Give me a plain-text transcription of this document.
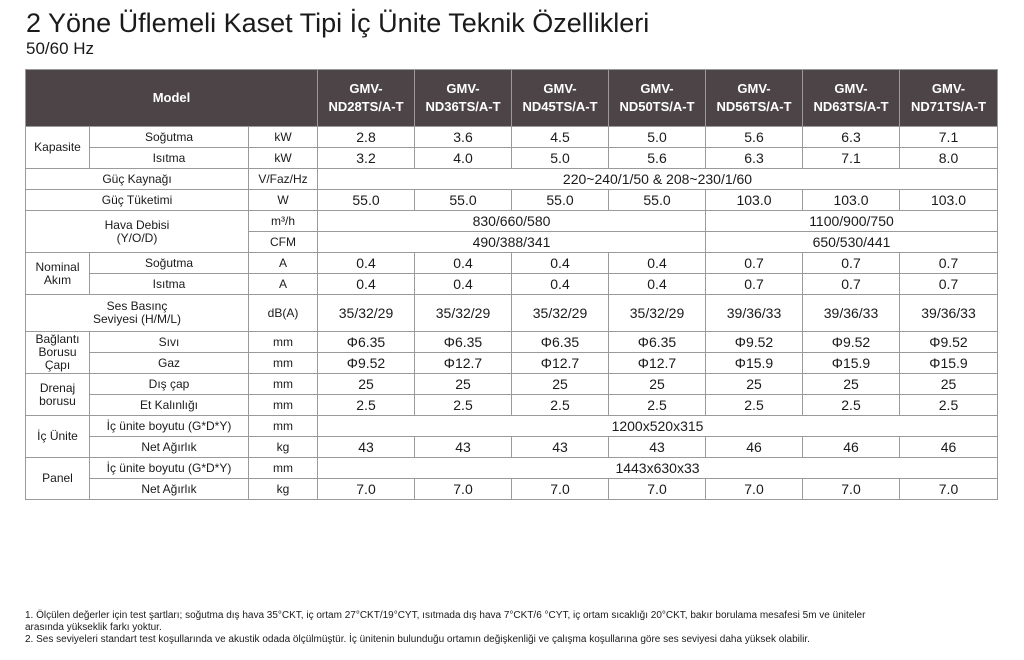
2 Yöne Üflemeli Kaset Tipi İç Ünite Teknik Özellikleri
50/60 Hz
Model			GMV-ND28TS/A-T	GMV-ND36TS/A-T	GMV-ND45TS/A-T	GMV-ND50TS/A-T	GMV-ND56TS/A-T	GMV-ND63TS/A-T	GMV-ND71TS/A-T
Kapasite	Soğutma	kW	2.8	3.6	4.5	5.0	5.6	6.3	7.1
	Isıtma	kW	3.2	4.0	5.0	5.6	6.3	7.1	8.0
Güç Kaynağı		V/Faz/Hz	220~240/1/50 & 208~230/1/60						
Güç Tüketimi		W	55.0	55.0	55.0	55.0	103.0	103.0	103.0

Hava Debisi
(Y/O/D)		m³/h	830/660/580				1100/900/750		
		CFM	490/388/341				650/530/441		

Nominal
Akım	Soğutma	A	0.4	0.4	0.4	0.4	0.7	0.7	0.7
	Isıtma	A	0.4	0.4	0.4	0.4	0.7	0.7	0.7

Ses Basınç
Seviyesi (H/M/L)		dB(A)	35/32/29	35/32/29	35/32/29	35/32/29	39/36/33	39/36/33	39/36/33

Bağlantı
Borusu
Çapı	Sıvı	mm	Φ6.35	Φ6.35	Φ6.35	Φ6.35	Φ9.52	Φ9.52	Φ9.52
	Gaz	mm	Φ9.52	Φ12.7	Φ12.7	Φ12.7	Φ15.9	Φ15.9	Φ15.9

Drenaj
borusu	Dış çap	mm	25	25	25	25	25	25	25
	Et Kalınlığı	mm	2.5	2.5	2.5	2.5	2.5	2.5	2.5
İç Ünite	İç ünite boyutu (G*D*Y)	mm	1200x520x315						
	Net Ağırlık	kg	43	43	43	43	46	46	46
Panel	İç ünite boyutu (G*D*Y)	mm	1443x630x33						
	Net Ağırlık	kg	7.0	7.0	7.0	7.0	7.0	7.0	7.0
1. Ölçülen değerler için test şartları; soğutma dış hava 35°CKT, iç ortam 27°CKT/19°CYT, ısıtmada dış hava 7°CKT/6 °CYT, iç ortam sıcaklığı 20°CKT, bakır borulama mesafesi 5m ve üniteler
arasında yükseklik farkı yoktur.
2. Ses seviyeleri standart test koşullarında ve akustik odada ölçülmüştür. İç ünitenin bulunduğu ortamın değişkenliği ve çalışma koşullarına göre ses seviyesi daha yüksek olabilir.
